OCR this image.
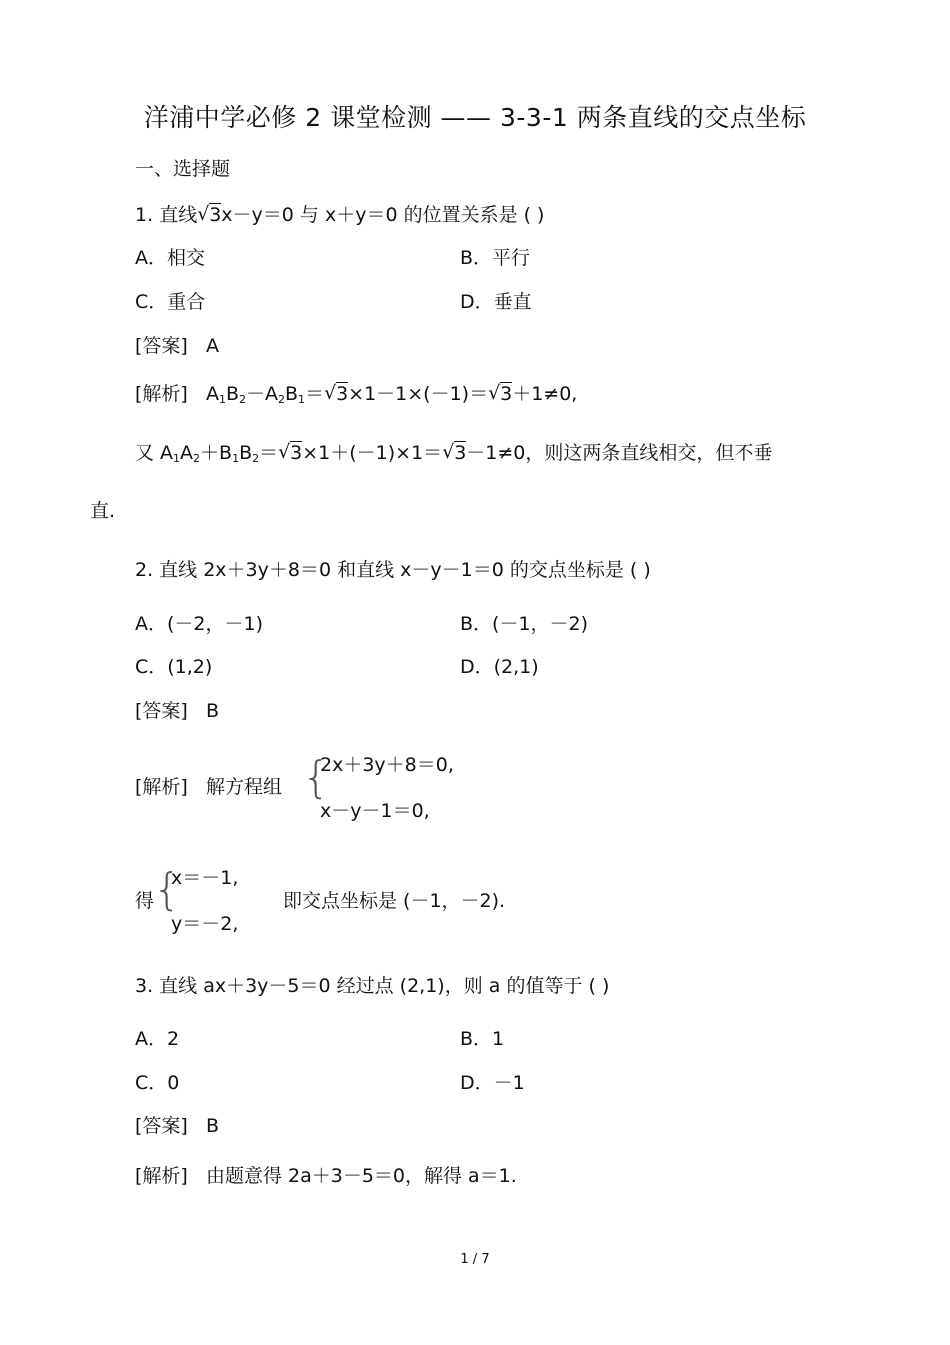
洋浦中学必修 2 课堂检测 —— 3-3-1 两条直线的交点坐标
一、选择题
1. 直线√ 3x－y＝0 与 x＋y＝0 的位置关系是 ( )
A．相交	B．平行
C．重合	D．垂直
[答案] A
[解析] $A_1B_2-A_2B_1=√$ 3×1－1×(－1)＝√ 3＋1≠0,
又 $A_1A_2+B_1B_2=√$ 3×1＋(－1)×1＝√ 3－1≠0，则这两条直线相交，但不垂
直.
2. 直线 2x＋3y＋8＝0 和直线 x－y－1＝0 的交点坐标是 ( )
A．(－2，－1)	B．(－1，－2)
C．(1,2)	D．(2,1)
[答案] B
[解析] 解方程组 {
2x＋3y＋8＝0,
x－y－1＝0,
得
{
x＝－1,
y＝－2,
即交点坐标是 (－1，－2).
3. 直线 ax＋3y－5＝0 经过点 (2,1)，则 a 的值等于 ( )
A．2	B．1
C．0	D．－1
[答案] B
[解析] 由题意得 2a＋3－5＝0，解得 a＝1.
1 / 7
